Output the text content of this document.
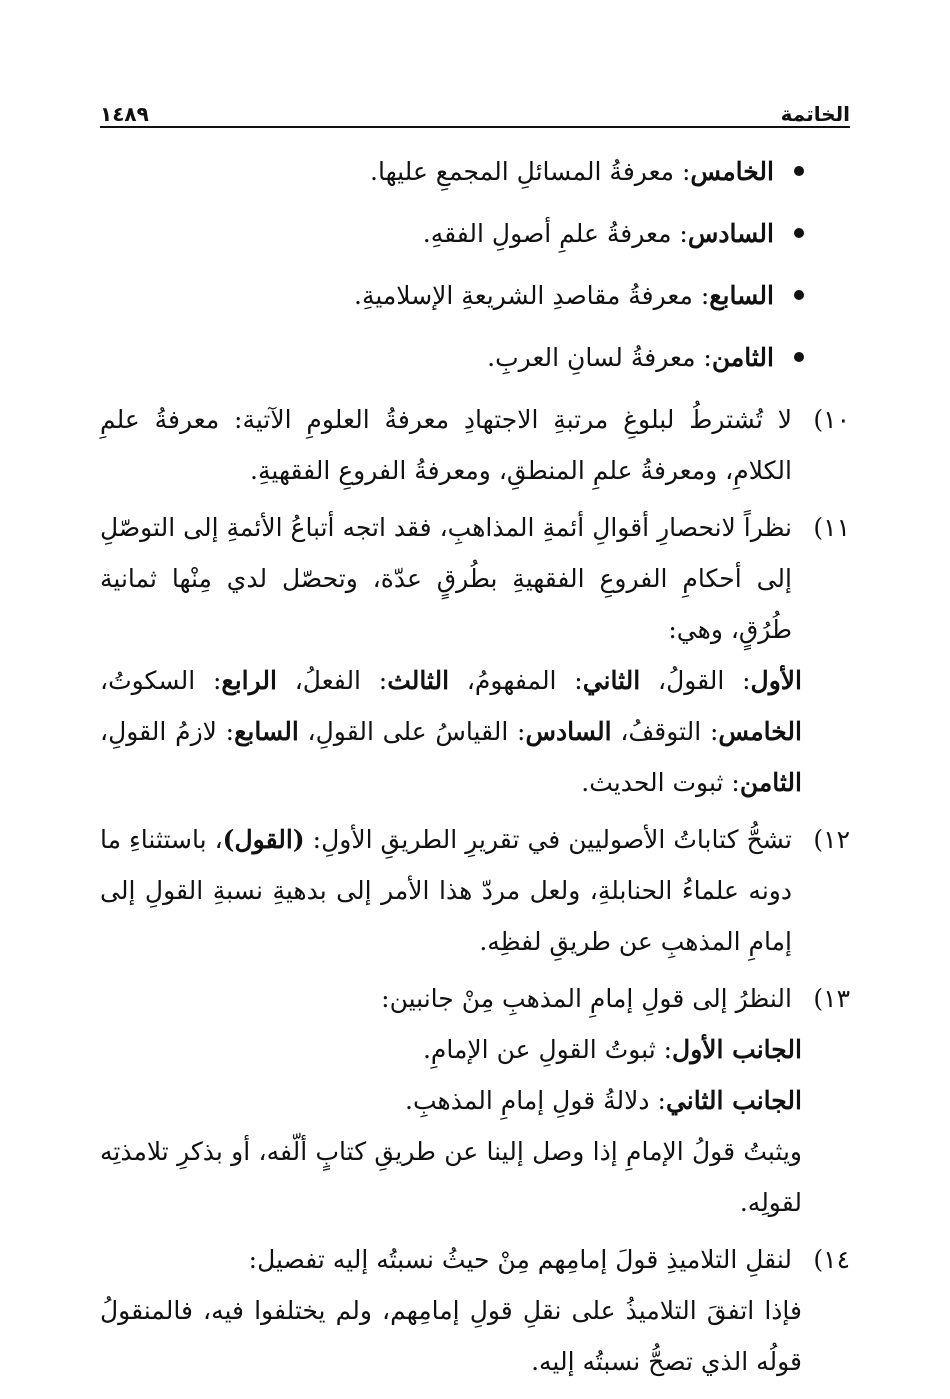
الخاتمة
١٤٨٩
الخامس: معرفةُ المسائلِ المجمعِ عليها.
السادس: معرفةُ علمِ أصولِ الفقهِ.
السابع: معرفةُ مقاصدِ الشريعةِ الإسلاميةِ.
الثامن: معرفةُ لسانِ العربِ.
١٠)
لا تُشترطُ لبلوغِ مرتبةِ الاجتهادِ معرفةُ العلومِ الآتية: معرفةُ علمِ الكلامِ، ومعرفةُ علمِ المنطقِ، ومعرفةُ الفروعِ الفقهيةِ.
١١)
نظراً لانحصارِ أقوالِ أئمةِ المذاهبِ، فقد اتجه أتباعُ الأئمةِ إلى التوصّلِ إلى أحكامِ الفروعِ الفقهيةِ بطُرقٍ عدّة، وتحصّل لدي مِنْها ثمانية طُرُقٍ، وهي:
الأول: القولُ، الثاني: المفهومُ، الثالث: الفعلُ، الرابع: السكوتُ، الخامس: التوقفُ، السادس: القياسُ على القولِ، السابع: لازمُ القولِ، الثامن: ثبوت الحديث.
١٢)
تشحُّ كتاباتُ الأصوليين في تقريرِ الطريقِ الأولِ: (القول)، باستثناءِ ما دونه علماءُ الحنابلةِ، ولعل مردّ هذا الأمر إلى بدهيةِ نسبةِ القولِ إلى إمامِ المذهبِ عن طريقِ لفظِه.
١٣)
النظرُ إلى قولِ إمامِ المذهبِ مِنْ جانبين:
الجانب الأول: ثبوتُ القولِ عن الإمامِ.
الجانب الثاني: دلالةُ قولِ إمامِ المذهبِ.
ويثبتُ قولُ الإمامِ إذا وصل إلينا عن طريقِ كتابٍ ألّفه، أو بذكرِ تلامذتِه لقولِه.
١٤)
لنقلِ التلاميذِ قولَ إمامِهم مِنْ حيثُ نسبتُه إليه تفصيل:
فإذا اتفقَ التلاميذُ على نقلِ قولِ إمامِهم، ولم يختلفوا فيه، فالمنقولُ قولُه الذي تصحُّ نسبتُه إليه.
